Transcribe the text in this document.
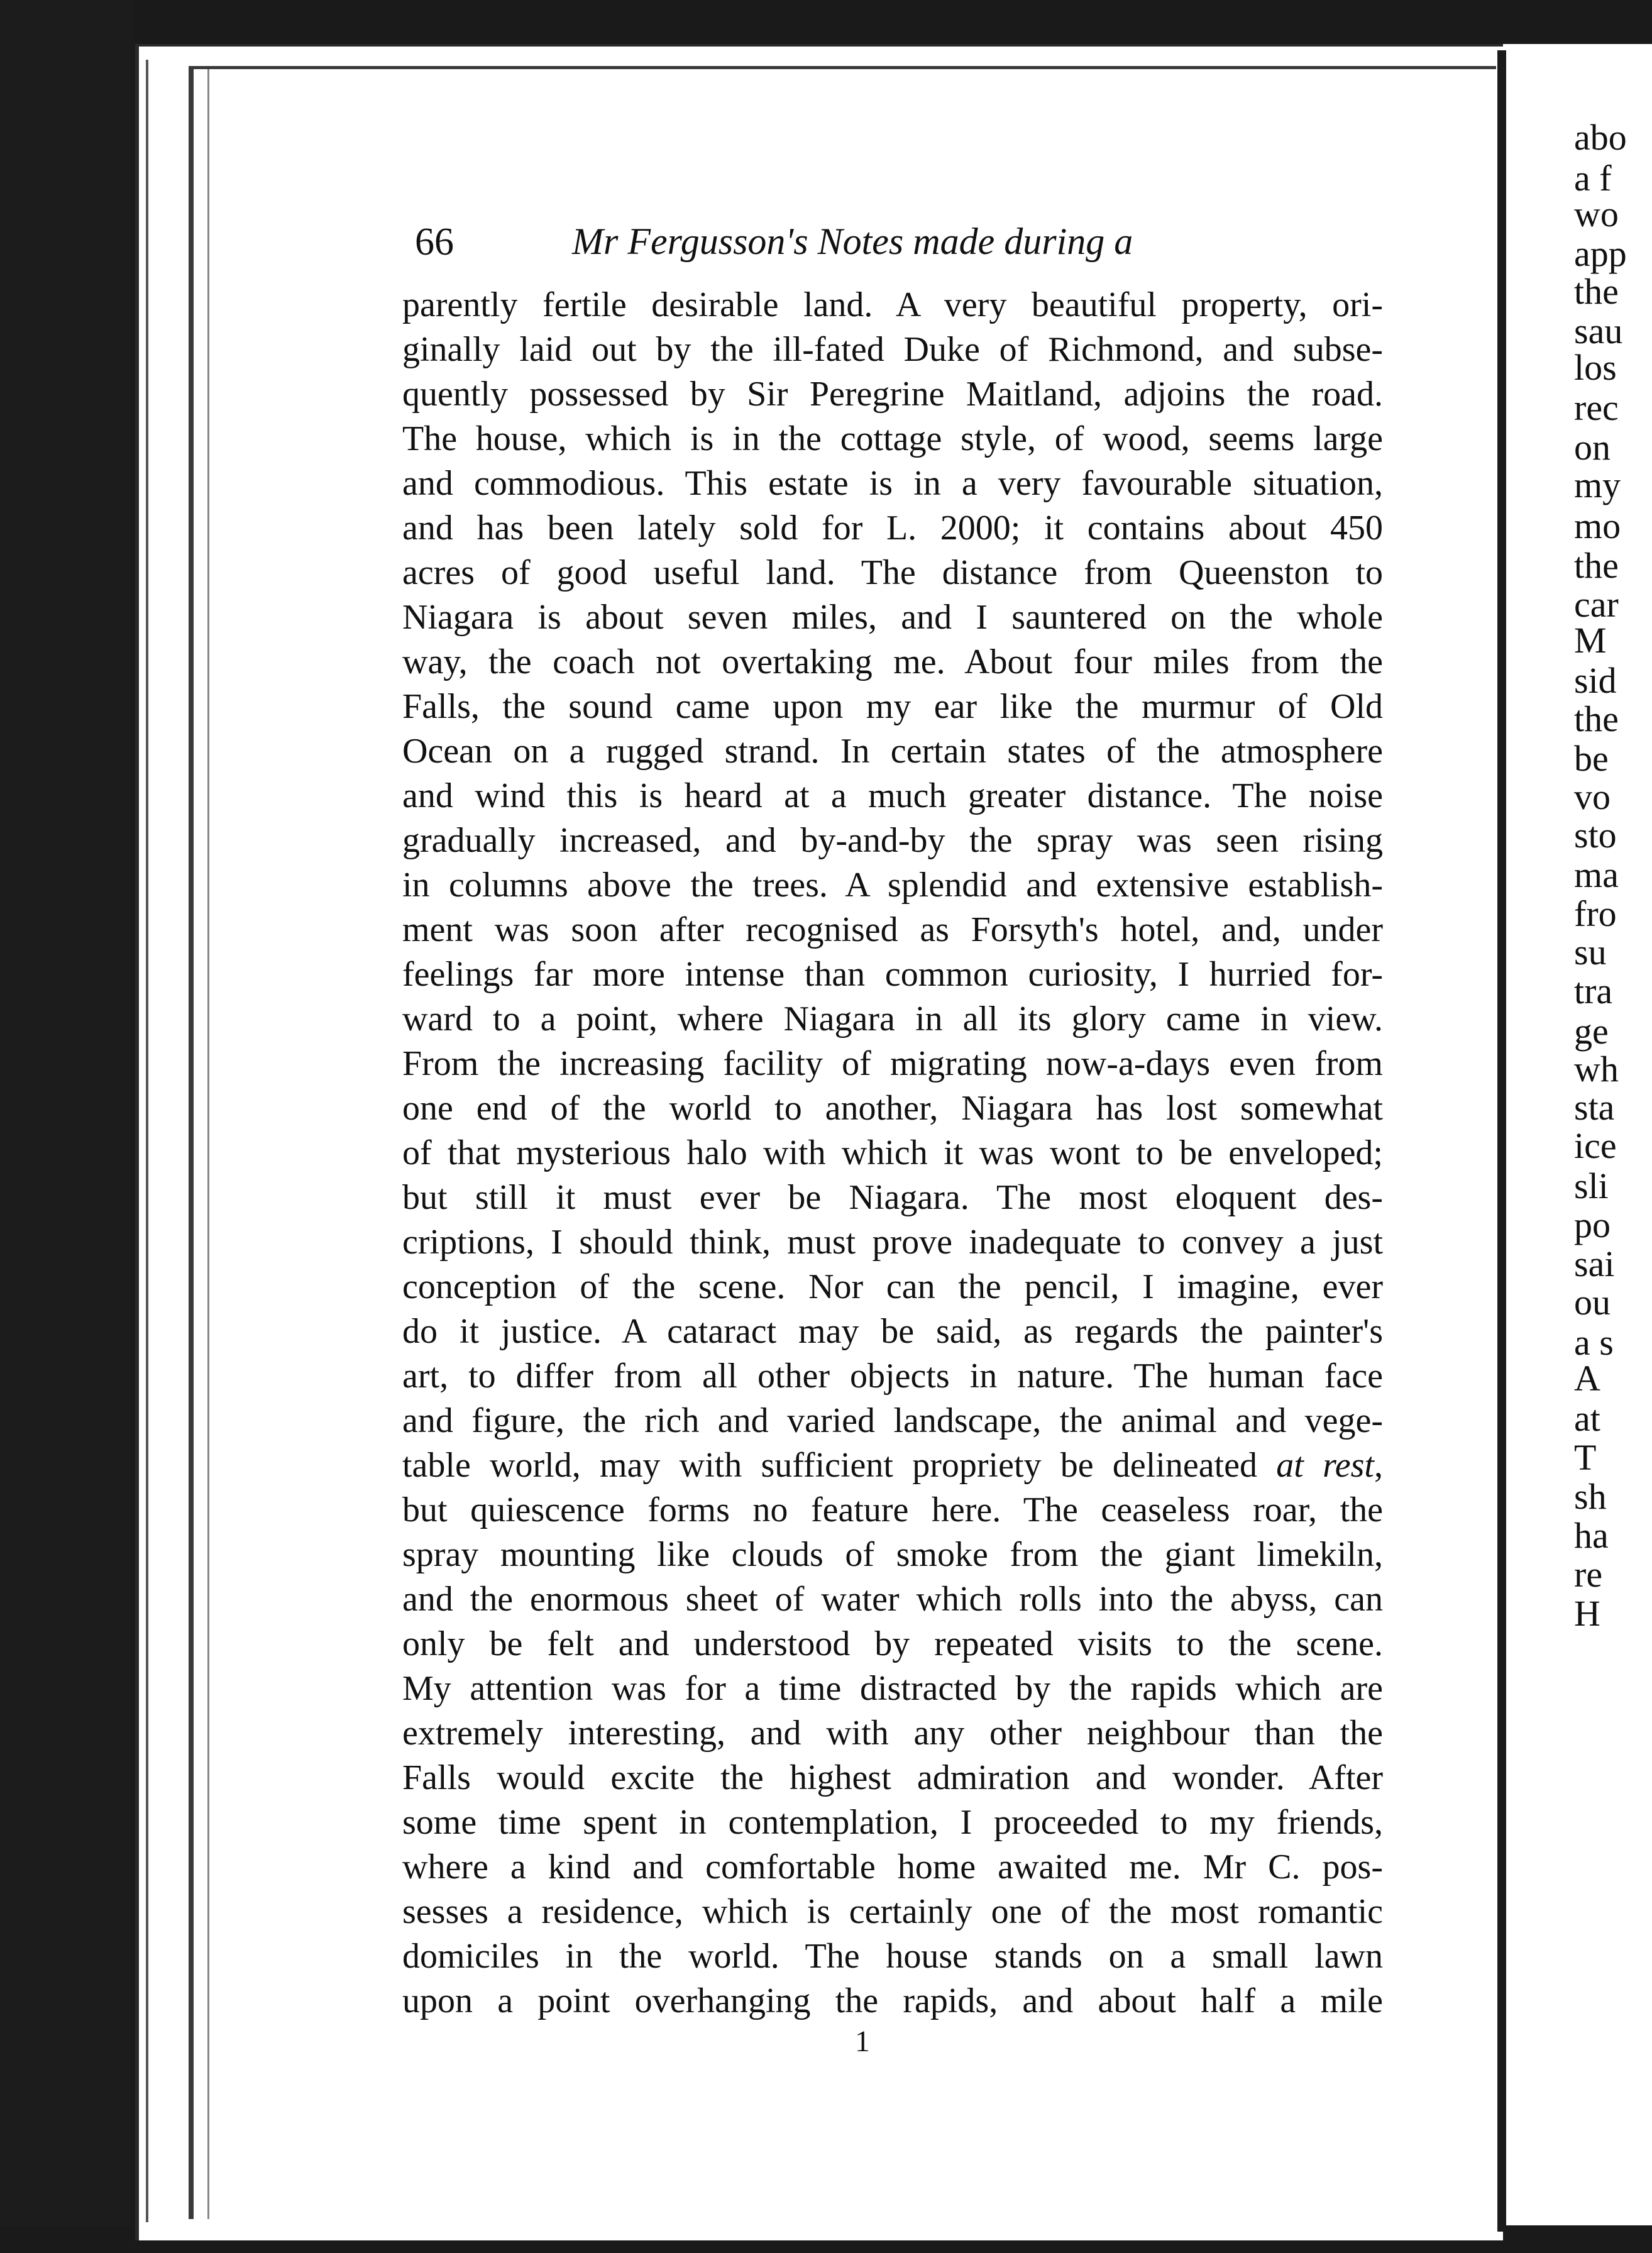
abo
a f
wo
app
the
sau
los
rec
on
my
mo
the
car
M
sid
the
be
vo
sto
ma
fro
su
tra
ge
wh
sta
ice
sli
po
sai
ou
a s
A
at
T
sh
ha
re
H
66	Mr Fergusson's Notes made during a
parently fertile desirable land. A very beautiful property, ori-
ginally laid out by the ill-fated Duke of Richmond, and subse-
quently possessed by Sir Peregrine Maitland, adjoins the road.
The house, which is in the cottage style, of wood, seems large
and commodious. This estate is in a very favourable situation,
and has been lately sold for L. 2000; it contains about 450
acres of good useful land. The distance from Queenston to
Niagara is about seven miles, and I sauntered on the whole
way, the coach not overtaking me. About four miles from the
Falls, the sound came upon my ear like the murmur of Old
Ocean on a rugged strand. In certain states of the atmosphere
and wind this is heard at a much greater distance. The noise
gradually increased, and by-and-by the spray was seen rising
in columns above the trees. A splendid and extensive establish-
ment was soon after recognised as Forsyth's hotel, and, under
feelings far more intense than common curiosity, I hurried for-
ward to a point, where Niagara in all its glory came in view.
From the increasing facility of migrating now-a-days even from
one end of the world to another, Niagara has lost somewhat
of that mysterious halo with which it was wont to be enveloped;
but still it must ever be Niagara. The most eloquent des-
criptions, I should think, must prove inadequate to convey a just
conception of the scene. Nor can the pencil, I imagine, ever
do it justice. A cataract may be said, as regards the painter's
art, to differ from all other objects in nature. The human face
and figure, the rich and varied landscape, the animal and vege-
table world, may with sufficient propriety be delineated at rest,
but quiescence forms no feature here. The ceaseless roar, the
spray mounting like clouds of smoke from the giant limekiln,
and the enormous sheet of water which rolls into the abyss, can
only be felt and understood by repeated visits to the scene.
My attention was for a time distracted by the rapids which are
extremely interesting, and with any other neighbour than the
Falls would excite the highest admiration and wonder. After
some time spent in contemplation, I proceeded to my friends,
where a kind and comfortable home awaited me. Mr C. pos-
sesses a residence, which is certainly one of the most romantic
domiciles in the world. The house stands on a small lawn
upon a point overhanging the rapids, and about half a mile
1
